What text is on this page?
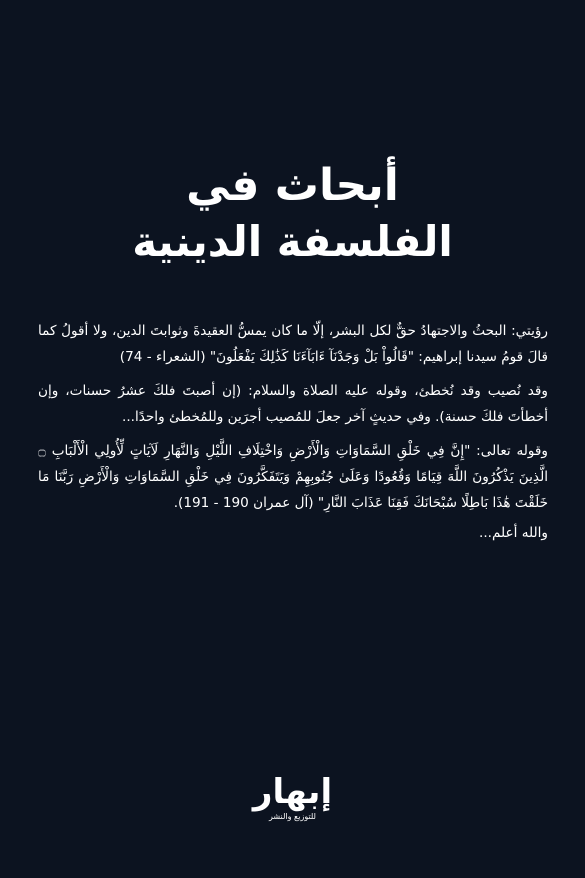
أبحاث في

الفلسفة الدينية

رؤيتي: البحثُ والاجتهادُ حقٌّ لكل البشر، إلّا ما كان يمسُّ العقيدةَ وثوابتَ الدين، ولا أقولُ كما قالَ قومُ سيدنا إبراهيم: "قَالُواْ بَلْ وَجَدْنَآ ءَابَآءَنَا كَذَٰلِكَ يَفْعَلُونَ" (الشعراء - 74)

وقد نُصيب وقد نُخطئ، وقوله عليه الصلاة والسلام: (إن أصبتَ فلكَ عشرُ حسنات، وإن أخطأتَ فلكَ حسنة). وفي حديثٍ آخر جعلَ للمُصيب أجرَين وللمُخطئ واحدًا...

وقوله تعالى: "إِنَّ فِي خَلْقِ السَّمَاوَاتِ وَالْأَرْضِ وَاخْتِلَافِ اللَّيْلِ وَالنَّهَارِ لَآيَاتٍ لِّأُولِي الْأَلْبَابِ ۝ الَّذِينَ يَذْكُرُونَ اللَّهَ قِيَامًا وَقُعُودًا وَعَلَىٰ جُنُوبِهِمْ وَيَتَفَكَّرُونَ فِي خَلْقِ السَّمَاوَاتِ وَالْأَرْضِ رَبَّنَا مَا خَلَقْتَ هَٰذَا بَاطِلًا سُبْحَانَكَ فَقِنَا عَذَابَ النَّارِ" (آل عمران 190 - 191).

والله أعلم...

إبهار
للتوزيع والنشر
